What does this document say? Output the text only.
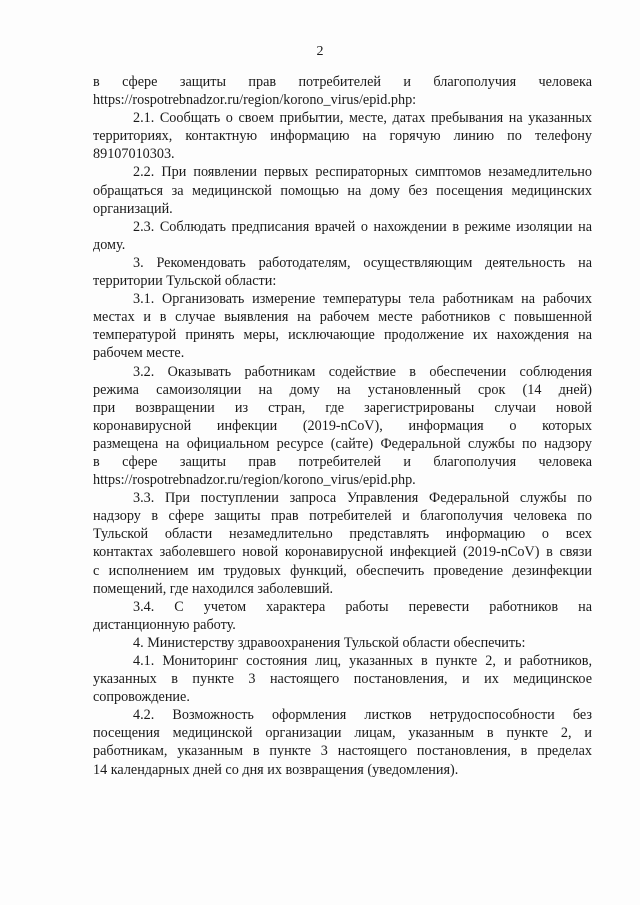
2
в сфере защиты прав потребителей и благополучия человека
https://rospotrebnadzor.ru/region/korono_virus/epid.php:
2.1. Сообщать о своем прибытии, месте, датах пребывания на указанных
территориях, контактную информацию на горячую линию по телефону
89107010303.
2.2. При появлении первых респираторных симптомов незамедлительно
обращаться за медицинской помощью на дому без посещения медицинских
организаций.
2.3. Соблюдать предписания врачей о нахождении в режиме изоляции на
дому.
3. Рекомендовать работодателям, осуществляющим деятельность на
территории Тульской области:
3.1. Организовать измерение температуры тела работникам на рабочих
местах и в случае выявления на рабочем месте работников с повышенной
температурой принять меры, исключающие продолжение их нахождения на
рабочем месте.
3.2. Оказывать работникам содействие в обеспечении соблюдения
режима самоизоляции на дому на установленный срок (14 дней)
при возвращении из стран, где зарегистрированы случаи новой
коронавирусной инфекции (2019-nCoV), информация о которых
размещена на официальном ресурсе (сайте) Федеральной службы по надзору
в сфере защиты прав потребителей и благополучия человека
https://rospotrebnadzor.ru/region/korono_virus/epid.php.
3.3. При поступлении запроса Управления Федеральной службы по
надзору в сфере защиты прав потребителей и благополучия человека по
Тульской области незамедлительно представлять информацию о всех
контактах заболевшего новой коронавирусной инфекцией (2019-nCoV) в связи
с исполнением им трудовых функций, обеспечить проведение дезинфекции
помещений, где находился заболевший.
3.4. С учетом характера работы перевести работников на
дистанционную работу.
4. Министерству здравоохранения Тульской области обеспечить:
4.1. Мониторинг состояния лиц, указанных в пункте 2, и работников,
указанных в пункте 3 настоящего постановления, и их медицинское
сопровождение.
4.2. Возможность оформления листков нетрудоспособности без
посещения медицинской организации лицам, указанным в пункте 2, и
работникам, указанным в пункте 3 настоящего постановления, в пределах
14 календарных дней со дня их возвращения (уведомления).
